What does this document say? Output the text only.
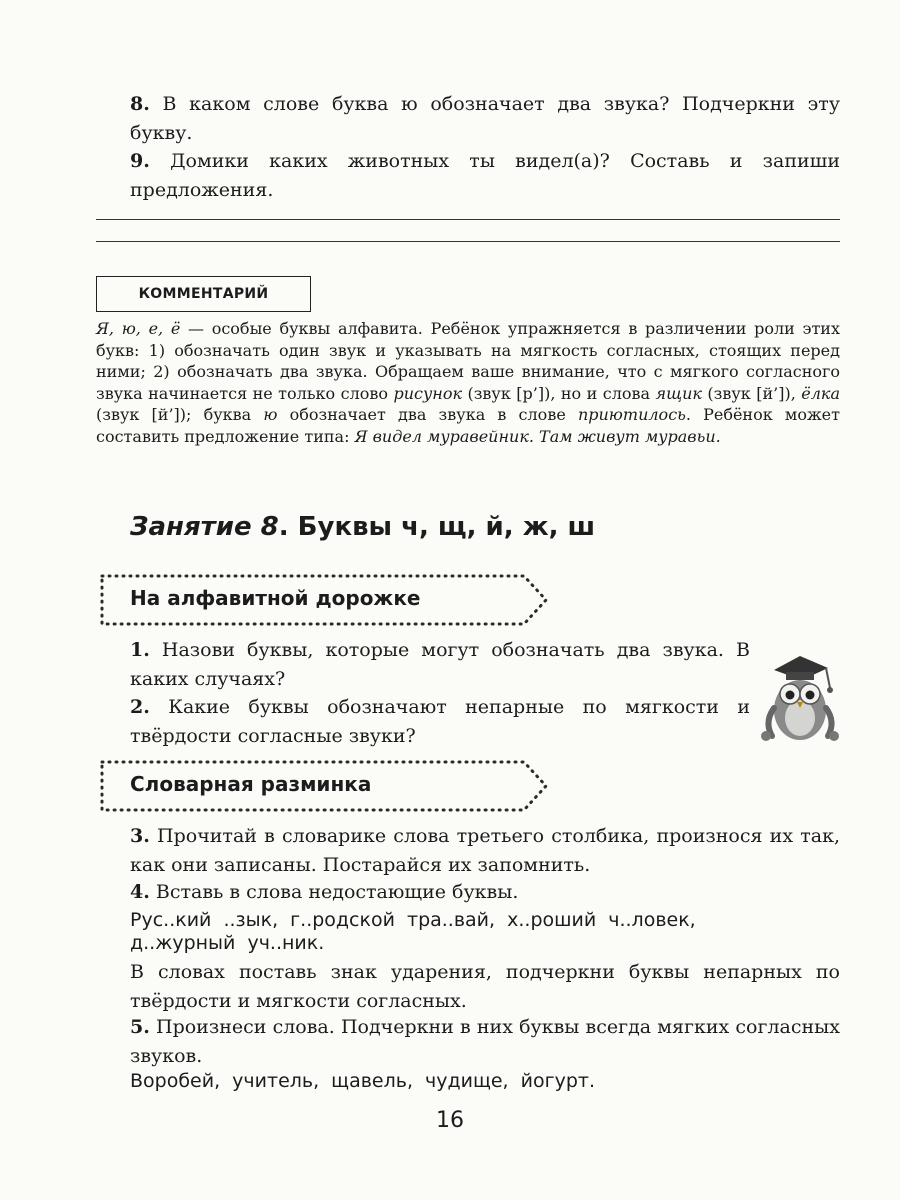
8. В каком слове буква ю обозначает два звука? Подчеркни эту букву.
9. Домики каких животных ты видел(а)? Составь и запиши предложения.
КОММЕНТАРИЙ
Я, ю, е, ё — особые буквы алфавита. Ребёнок упражняется в различении роли этих букв: 1) обозначать один звук и указывать на мягкость согласных, стоящих перед ними; 2) обозначать два звука. Обращаем ваше внимание, что с мягкого согласного звука начинается не только слово рисунок (звук [р’]), но и слова ящик (звук [й’]), ёлка (звук [й’]); буква ю обозначает два звука в слове приютилось. Ребёнок может составить предложение типа: Я видел муравейник. Там живут муравьи.
Занятие 8. Буквы ч, щ, й, ж, ш
На алфавитной дорожке
1. Назови буквы, которые могут обозначать два звука. В каких случаях?
2. Какие буквы обозначают непарные по мягкости и твёрдости согласные звуки?
Словарная разминка
3. Прочитай в словарике слова третьего столбика, произнося их так, как они записаны. Постарайся их запомнить.
4. Вставь в слова недостающие буквы.
Рус..кий ..зык, г..родской тра..вай, х..роший ч..ловек,
д..журный уч..ник.
В словах поставь знак ударения, подчеркни буквы непарных по твёрдости и мягкости согласных.
5. Произнеси слова. Подчеркни в них буквы всегда мягких согласных звуков.
Воробей, учитель, щавель, чудище, йогурт.
16
